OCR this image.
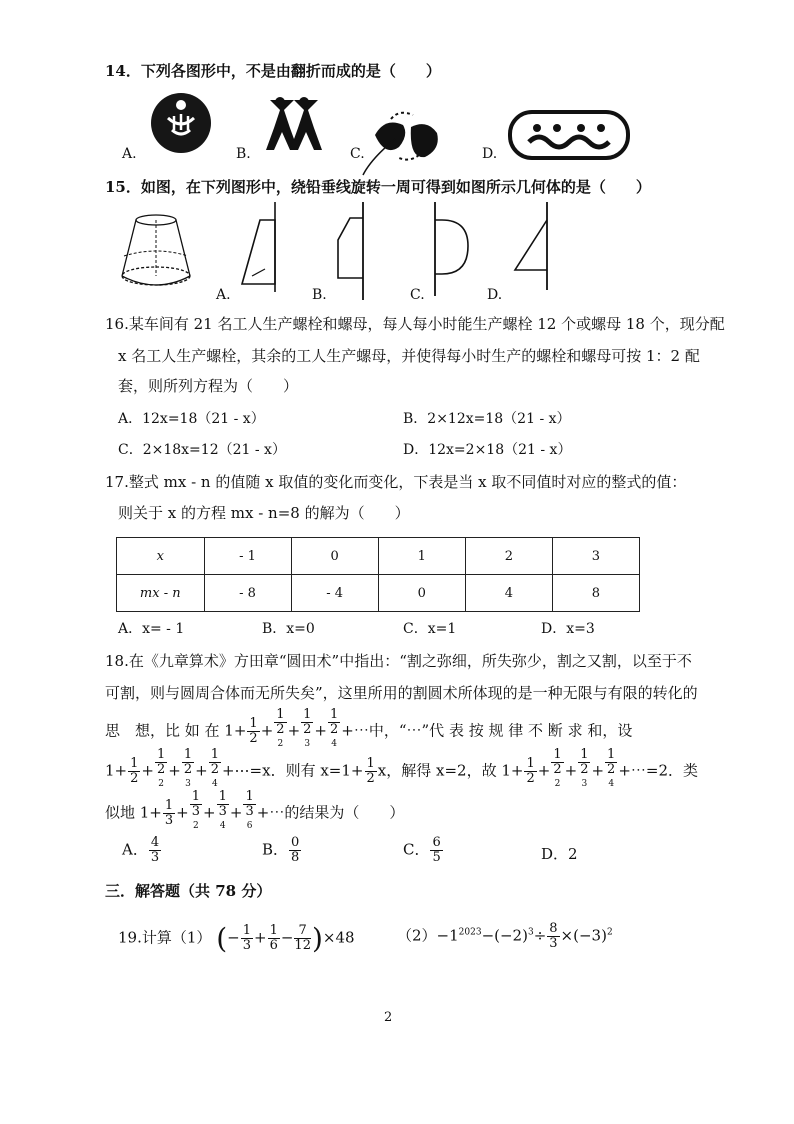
14．下列各图形中，不是由翻折而成的是（　　）
A.	B.	C.	D.
15．如图，在下列图形中，绕铅垂线旋转一周可得到如图所示几何体的是（　　）
A.	B.	C.	D.
16.某车间有 21 名工人生产螺栓和螺母，每人每小时能生产螺栓 12 个或螺母 18 个，现分配
x 名工人生产螺栓，其余的工人生产螺母，并使得每小时生产的螺栓和螺母可按 1：2 配
套，则所列方程为（　　）
A．12x=18（21 - x）	B．2×12x=18（21 - x）
C．2×18x=12（21 - x）	D．12x=2×18（21 - x）
17.整式 mx - n 的值随 x 取值的变化而变化，下表是当 x 取不同值时对应的整式的值：
则关于 x 的方程 mx - n=8 的解为（　　）
x	- 1	0	1	2	3
mx - n	- 8	- 4	0	4	8
A．x= - 1	B．x=0	C．x=1	D．x=3
18.在《九章算术》方田章“圆田术”中指出：“割之弥细，所失弥少，割之又割，以至于不
可割，则与圆周合体而无所失矣”，这里所用的割圆术所体现的是一种无限与有限的转化的
思　想，比 如 在 $1+ \frac{1}{2} + 1$
2
$^2$ + 1
2
$^3$ + 1
2
$^4$ +⋯中，“⋯”代 表 按 规 律 不 断 求 和，设
$1+ \frac{1}{2} + 1$
2
$^2$ + 1
2
$^3$ + 1
2
$^4$ +⋯=x．则有 $x=1+ \frac{1}{2}$ x，解得 x=2，故 $1+ \frac{1}{2} + 1$
2
$^2$ + 1
2
$^3$ + 1
2
$^4$ +⋯=2．类
似地 $1+ \frac{1}{3} + 1$
3
$^2$ + 1
3
$^4$ + 1
3
$^6$ +⋯的结果为（　　）
A． $\frac{4}{3}$	B． $\frac{0}{8}$	C． $\frac{6}{5}$	D．2
三．解答题（共 78 分）
19.计算（1） (− $\frac{1}{3} + \frac{1}{6} - \frac{7}{12} )\times 48$	$(2)-1^{2023}-(-2)^3\div \frac{8}{3} \times(-3)^2$
2
